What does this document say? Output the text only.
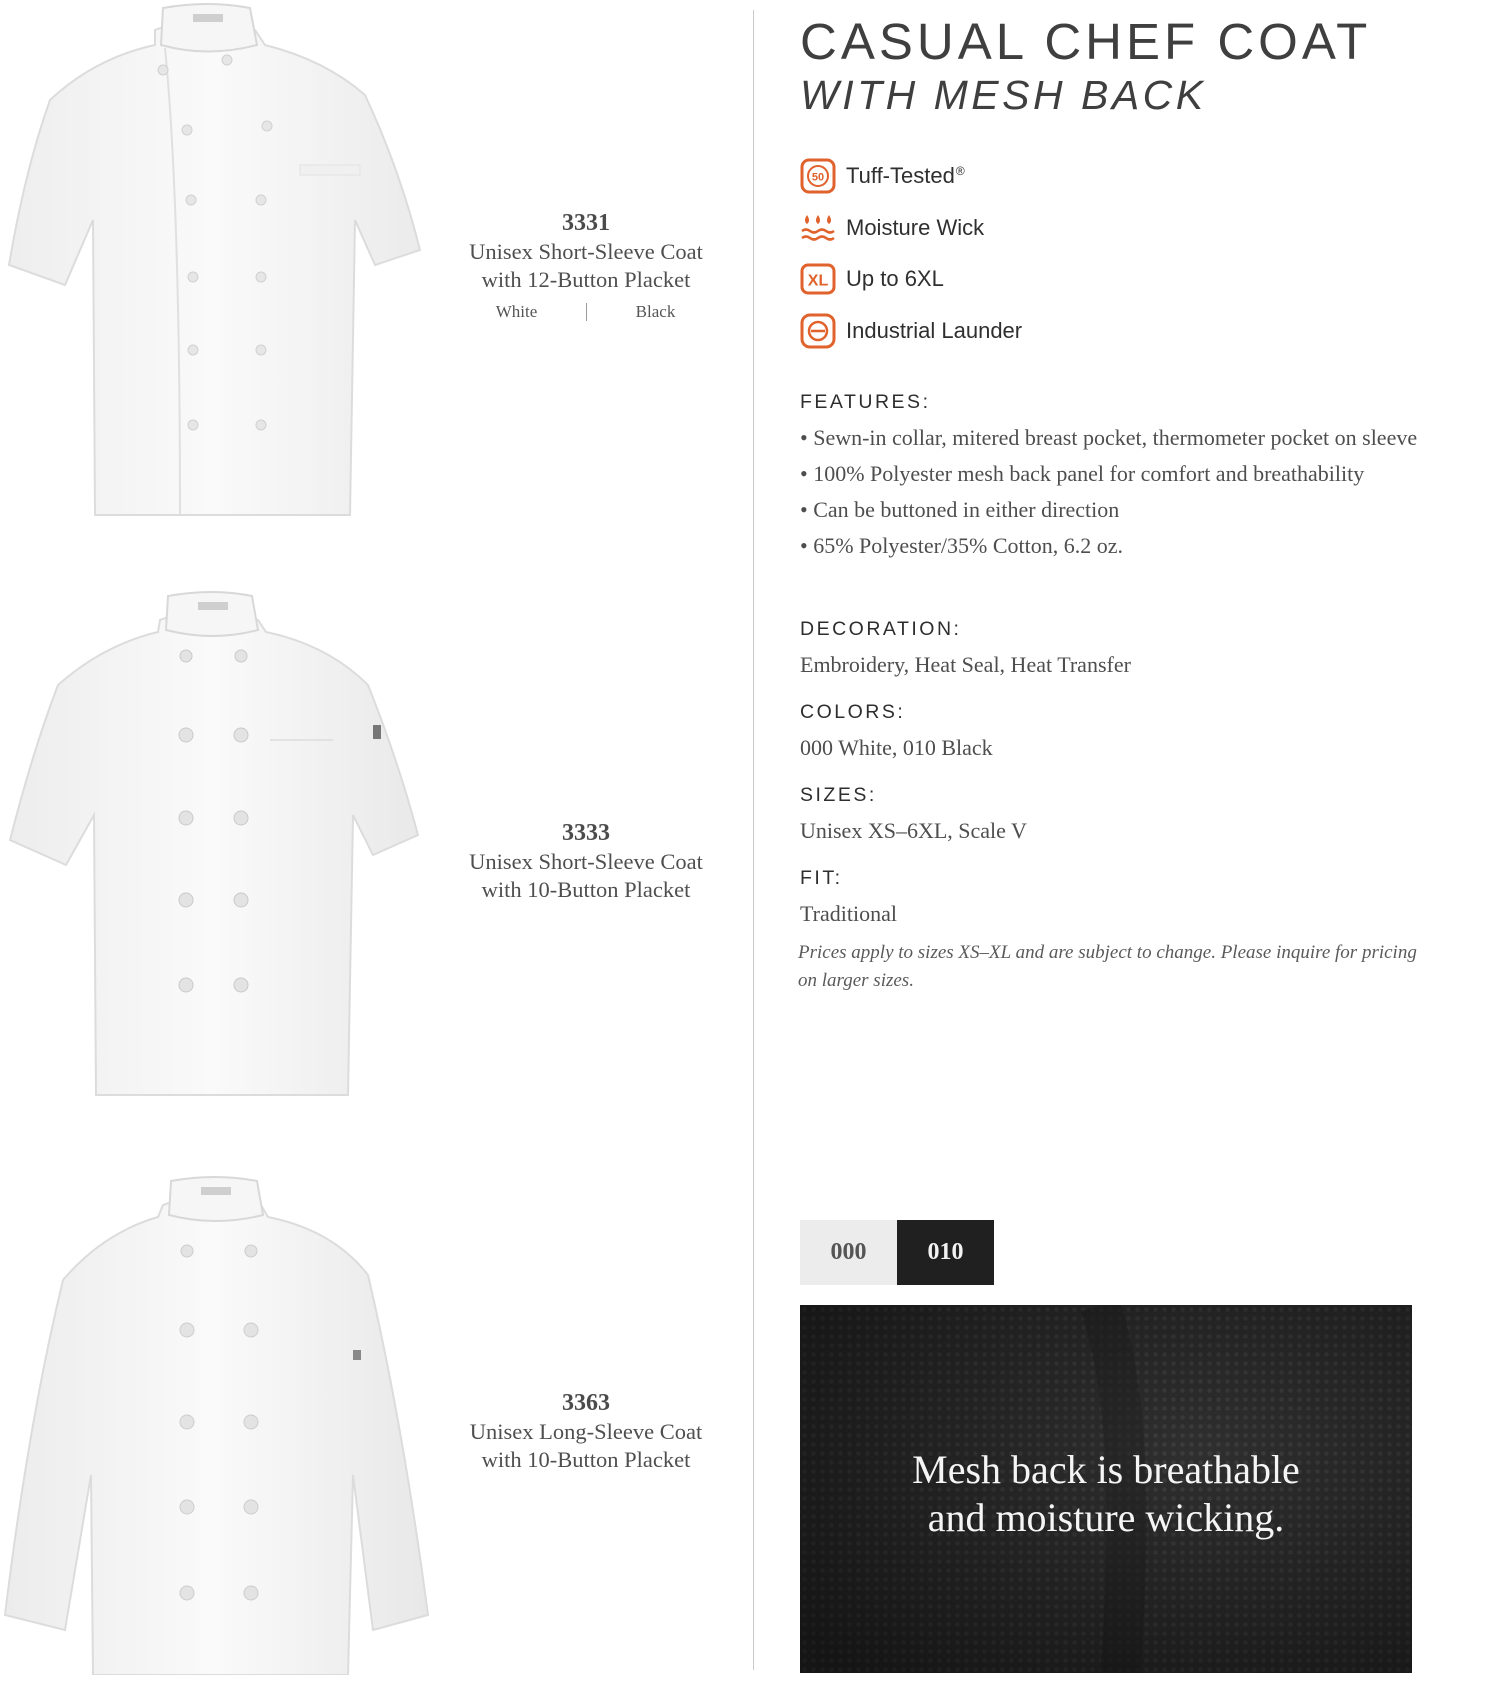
3331
Unisex Short-Sleeve Coat
with 12-Button Placket
White	Black
3333
Unisex Short-Sleeve Coat
with 10-Button Placket
3363
Unisex Long-Sleeve Coat
with 10-Button Placket
CASUAL CHEF COAT
WITH MESH BACK
50 Tuff-Tested®
Moisture Wick
XL Up to 6XL
Industrial Launder
FEATURES:
• Sewn-in collar, mitered breast pocket, thermometer pocket on sleeve
• 100% Polyester mesh back panel for comfort and breathability
• Can be buttoned in either direction
• 65% Polyester/35% Cotton, 6.2 oz.
DECORATION:
Embroidery, Heat Seal, Heat Transfer
COLORS:
000 White, 010 Black
SIZES:
Unisex XS–6XL, Scale V
FIT:
Traditional
Prices apply to sizes XS–XL and are subject to change. Please inquire for pricing on larger sizes.
000	010
Mesh back is breathable
and moisture wicking.
